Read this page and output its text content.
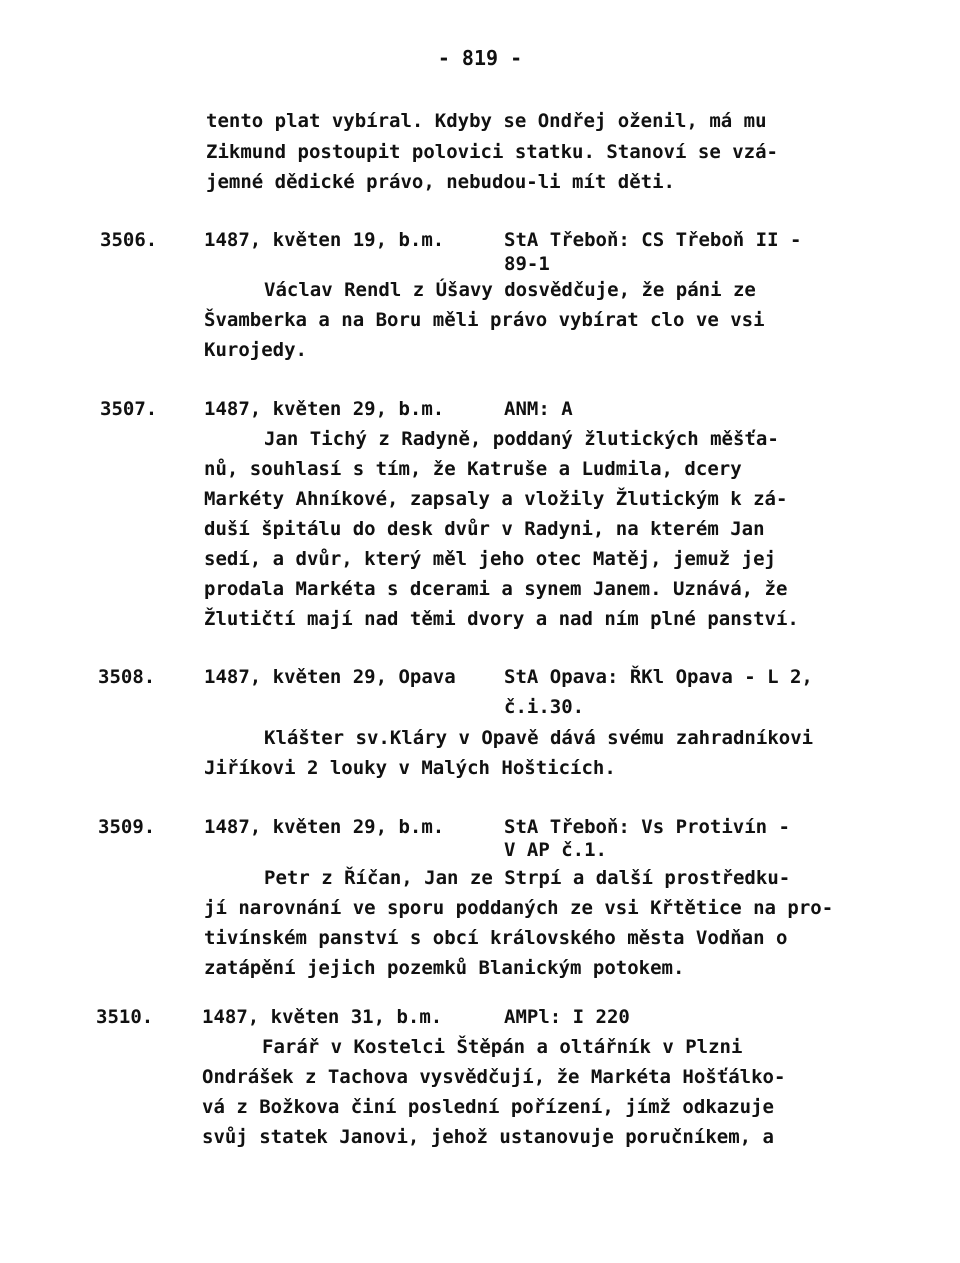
- 819 -
tento plat vybíral. Kdyby se Ondřej oženil, má mu
Zikmund postoupit polovici statku. Stanoví se vzá-
jemné dědické právo, nebudou-li mít děti.
3506. 1487, květen 19, b.m.	StA Třeboň: CS Třeboň II -
89-1
Václav Rendl z Úšavy dosvědčuje, že páni ze
Švamberka a na Boru měli právo vybírat clo ve vsi
Kurojedy.
3507. 1487, květen 29, b.m.	ANM: A
Jan Tichý z Radyně, poddaný žlutických měšťa-
nů, souhlasí s tím, že Katruše a Ludmila, dcery
Markéty Ahníkové, zapsaly a vložily Žlutickým k zá-
duší špitálu do desk dvůr v Radyni, na kterém Jan
sedí, a dvůr, který měl jeho otec Matěj, jemuž jej
prodala Markéta s dcerami a synem Janem. Uznává, že
Žlutičtí mají nad těmi dvory a nad ním plné panství.
3508.	1487, květen 29, Opava	StA Opava: ŘKl Opava - L 2,
č.i.30.
Klášter sv.Kláry v Opavě dává svému zahradníkovi
Jiříkovi 2 louky v Malých Hošticích.
3509.	1487, květen 29, b.m.	StA Třeboň: Vs Protivín -
V AP č.1.
Petr z Říčan, Jan ze Strpí a další prostředku-
jí narovnání ve sporu poddaných ze vsi Křtětice na pro-
tivínském panství s obcí královského města Vodňan o
zatápění jejich pozemků Blanickým potokem.
3510.	1487, květen 31, b.m.	AMPl: I 220
Farář v Kostelci Štěpán a oltářník v Plzni
Ondrášek z Tachova vysvědčují, že Markéta Hošťálko-
vá z Božkova činí poslední pořízení, jímž odkazuje
svůj statek Janovi, jehož ustanovuje poručníkem, a
